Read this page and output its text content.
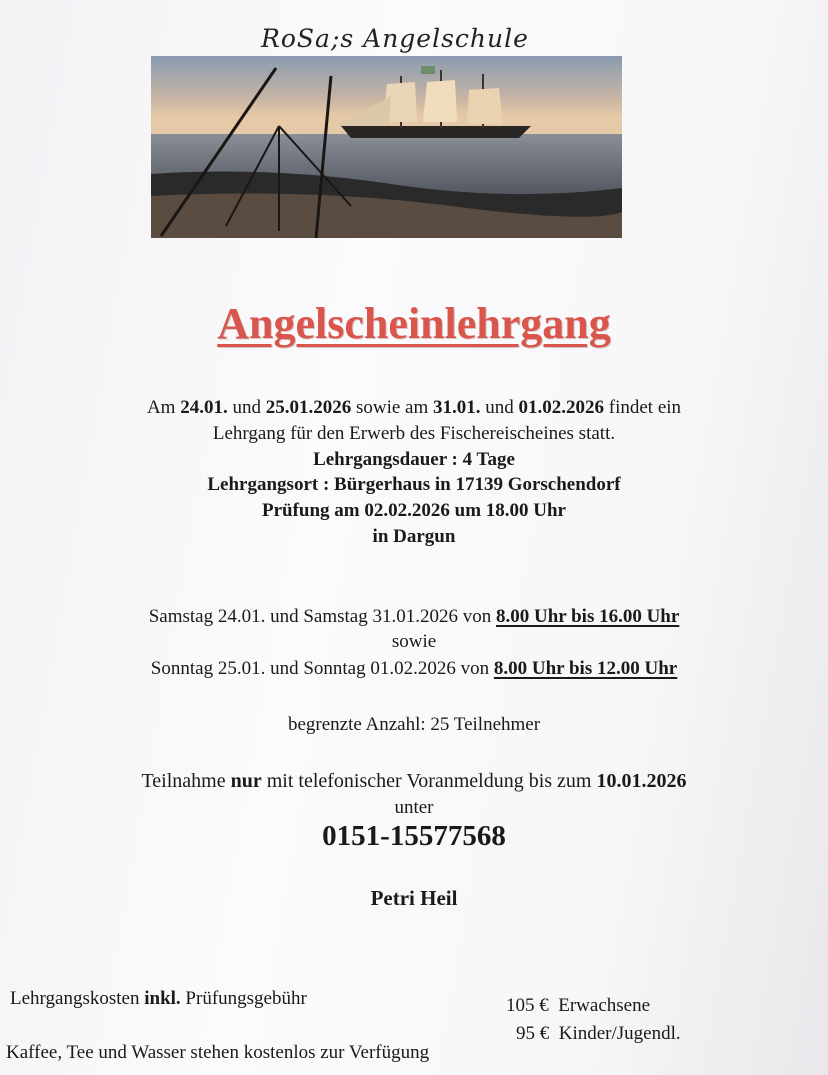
RoSa;s Angelschule
Angelscheinlehrgang
Am 24.01. und 25.01.2026 sowie am 31.01. und 01.02.2026 findet ein
Lehrgang für den Erwerb des Fischereischeines statt.
Lehrgangsdauer : 4 Tage
Lehrgangsort : Bürgerhaus in 17139 Gorschendorf
Prüfung am 02.02.2026 um 18.00 Uhr
in Dargun
Samstag 24.01. und Samstag 31.01.2026 von 8.00 Uhr bis 16.00 Uhr
sowie
Sonntag 25.01. und Sonntag 01.02.2026 von 8.00 Uhr bis 12.00 Uhr
begrenzte Anzahl: 25 Teilnehmer
Teilnahme nur mit telefonischer Voranmeldung bis zum 10.01.2026
unter
0151-15577568
Petri Heil
Lehrgangskosten inkl. Prüfungsgebühr
Kaffee, Tee und Wasser stehen kostenlos zur Verfügung
105 € Erwachsene
95 € Kinder/Jugendl.
